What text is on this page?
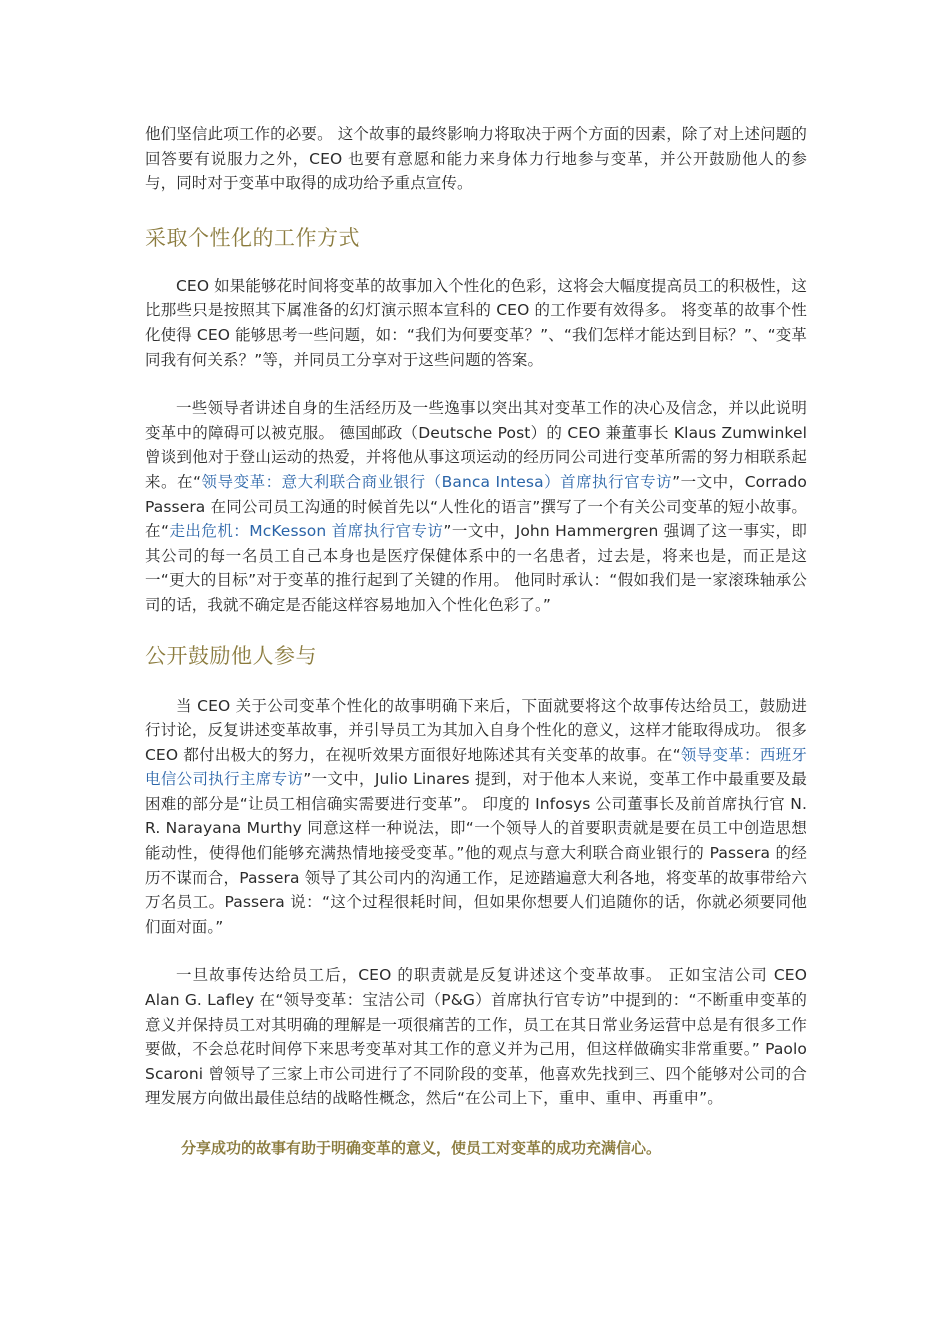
他们坚信此项工作的必要。 这个故事的最终影响力将取决于两个方面的因素，除了对上述问题的回答要有说服力之外，CEO 也要有意愿和能力来身体力行地参与变革，并公开鼓励他人的参与，同时对于变革中取得的成功给予重点宣传。

采取个性化的工作方式

CEO 如果能够花时间将变革的故事加入个性化的色彩，这将会大幅度提高员工的积极性，这比那些只是按照其下属准备的幻灯演示照本宣科的 CEO 的工作要有效得多。 将变革的故事个性化使得 CEO 能够思考一些问题，如：“我们为何要变革？”、“我们怎样才能达到目标？”、“变革同我有何关系？”等，并同员工分享对于这些问题的答案。

一些领导者讲述自身的生活经历及一些逸事以突出其对变革工作的决心及信念，并以此说明变革中的障碍可以被克服。 德国邮政（Deutsche Post）的 CEO 兼董事长 Klaus Zumwinkel 曾谈到他对于登山运动的热爱，并将他从事这项运动的经历同公司进行变革所需的努力相联系起来。在“领导变革：意大利联合商业银行（Banca Intesa）首席执行官专访”一文中，Corrado Passera 在同公司员工沟通的时候首先以“人性化的语言”撰写了一个有关公司变革的短小故事。在“走出危机：McKesson 首席执行官专访”一文中，John Hammergren 强调了这一事实，即其公司的每一名员工自己本身也是医疗保健体系中的一名患者，过去是，将来也是，而正是这一“更大的目标”对于变革的推行起到了关键的作用。 他同时承认：“假如我们是一家滚珠轴承公司的话，我就不确定是否能这样容易地加入个性化色彩了。”

公开鼓励他人参与

当 CEO 关于公司变革个性化的故事明确下来后，下面就要将这个故事传达给员工，鼓励进行讨论，反复讲述变革故事，并引导员工为其加入自身个性化的意义，这样才能取得成功。 很多 CEO 都付出极大的努力，在视听效果方面很好地陈述其有关变革的故事。在“领导变革：西班牙电信公司执行主席专访”一文中，Julio Linares 提到，对于他本人来说，变革工作中最重要及最困难的部分是“让员工相信确实需要进行变革”。 印度的 Infosys 公司董事长及前首席执行官 N. R. Narayana Murthy 同意这样一种说法，即“一个领导人的首要职责就是要在员工中创造思想能动性，使得他们能够充满热情地接受变革。”他的观点与意大利联合商业银行的 Passera 的经历不谋而合，Passera 领导了其公司内的沟通工作，足迹踏遍意大利各地，将变革的故事带给六万名员工。Passera 说：“这个过程很耗时间，但如果你想要人们追随你的话，你就必须要同他们面对面。”

一旦故事传达给员工后，CEO 的职责就是反复讲述这个变革故事。 正如宝洁公司 CEO Alan G. Lafley 在“领导变革：宝洁公司（P&G）首席执行官专访”中提到的：“不断重申变革的意义并保持员工对其明确的理解是一项很痛苦的工作，员工在其日常业务运营中总是有很多工作要做，不会总花时间停下来思考变革对其工作的意义并为己用，但这样做确实非常重要。” Paolo Scaroni 曾领导了三家上市公司进行了不同阶段的变革，他喜欢先找到三、四个能够对公司的合理发展方向做出最佳总结的战略性概念，然后“在公司上下，重申、重申、再重申”。

分享成功的故事有助于明确变革的意义，使员工对变革的成功充满信心。
